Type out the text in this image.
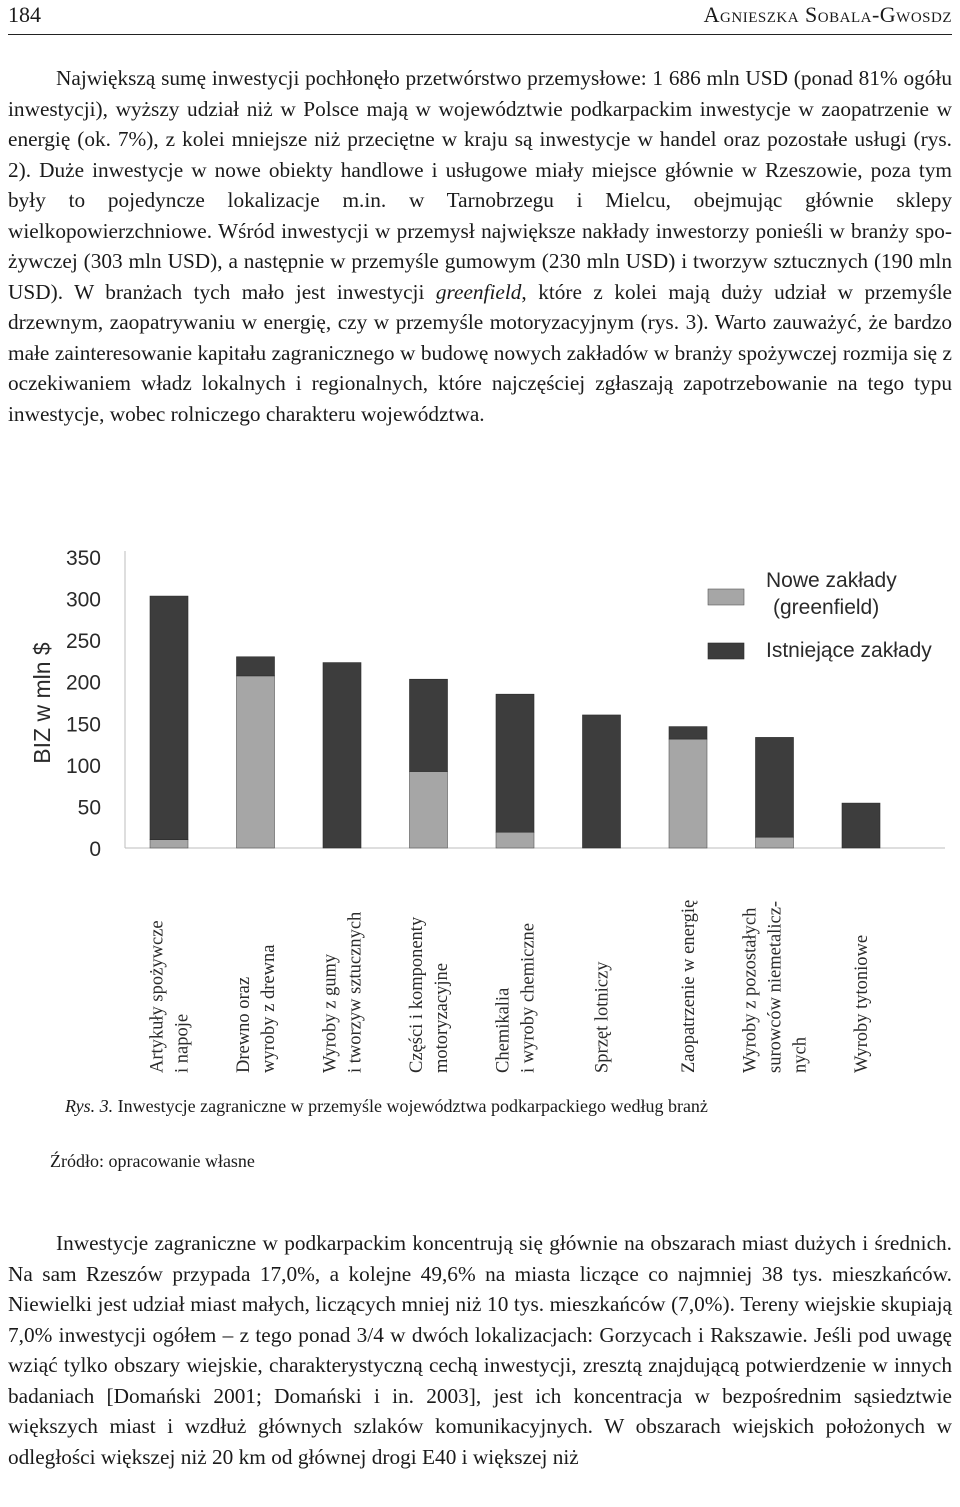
184	Agnieszka Sobala-Gwosdz

Największą sumę inwestycji pochłonęło przetwórstwo przemysłowe: 1 686 mln USD (ponad 81% ogółu inwestycji), wyższy udział niż w Polsce mają w województwie podkarpackim inwestycje w zaopatrzenie w energię (ok. 7%), z kolei mniejsze niż przeciętne w kraju są inwestycje w handel oraz pozostałe usługi (rys. 2). Duże inwestycje w nowe obiekty handlowe i usługowe miały miejsce głównie w Rzeszowie, poza tym były to pojedyncze lokalizacje m.in. w Tarnobrzegu i Mielcu, obejmując głównie sklepy wielkopowierzchniowe. Wśród inwestycji w przemysł największe nakłady inwestorzy ponieśli w branży spożywczej (303 mln USD), a następnie w przemyśle gumowym (230 mln USD) i tworzyw sztucznych (190 mln USD). W branżach tych mało jest inwestycji greenfield, które z kolei mają duży udział w przemyśle drzewnym, zaopatrywaniu w energię, czy w przemyśle motoryzacyjnym (rys. 3). Warto zauważyć, że bardzo małe zainteresowanie kapitału zagranicznego w budowę nowych zakładów w branży spożywczej rozmija się z oczekiwaniem władz lokalnych i regionalnych, które najczęściej zgłaszają zapotrzebowanie na tego typu inwestycje, wobec rolniczego charakteru województwa.

350
300
250
200
150
100
50
0
BIZ w mln $
Artykuły spożywcze i napoje Drewno oraz wyroby z drewna Wyroby z gumy i tworzyw sztucznych Części i komponenty motoryzacyjne Chemikalia i wyroby chemiczne	Sprzęt lotniczy	Zaopatrzenie w energię Wyroby z pozostałych surowców niemetalicz- nych Wyroby tytoniowe
Nowe zakłady
(greenfield)
Istniejące zakłady
Rys. 3. Inwestycje zagraniczne w przemyśle województwa podkarpackiego według branż
Źródło: opracowanie własne

Inwestycje zagraniczne w podkarpackim koncentrują się głównie na obszarach miast dużych i średnich. Na sam Rzeszów przypada 17,0%, a kolejne 49,6% na miasta liczące co najmniej 38 tys. mieszkańców. Niewielki jest udział miast małych, liczących mniej niż 10 tys. mieszkańców (7,0%). Tereny wiejskie skupiają 7,0% inwestycji ogółem – z tego ponad 3/4 w dwóch lokalizacjach: Gorzycach i Rakszawie. Jeśli pod uwagę wziąć tylko obszary wiejskie, charakterystyczną cechą inwestycji, zresztą znajdującą potwierdzenie w innych badaniach [Domański 2001; Domański i in. 2003], jest ich koncentracja w bezpośrednim sąsiedztwie większych miast i wzdłuż głównych szlaków komunikacyjnych. W obszarach wiejskich położonych w odległości większej niż 20 km od głównej drogi E40 i większej niż
